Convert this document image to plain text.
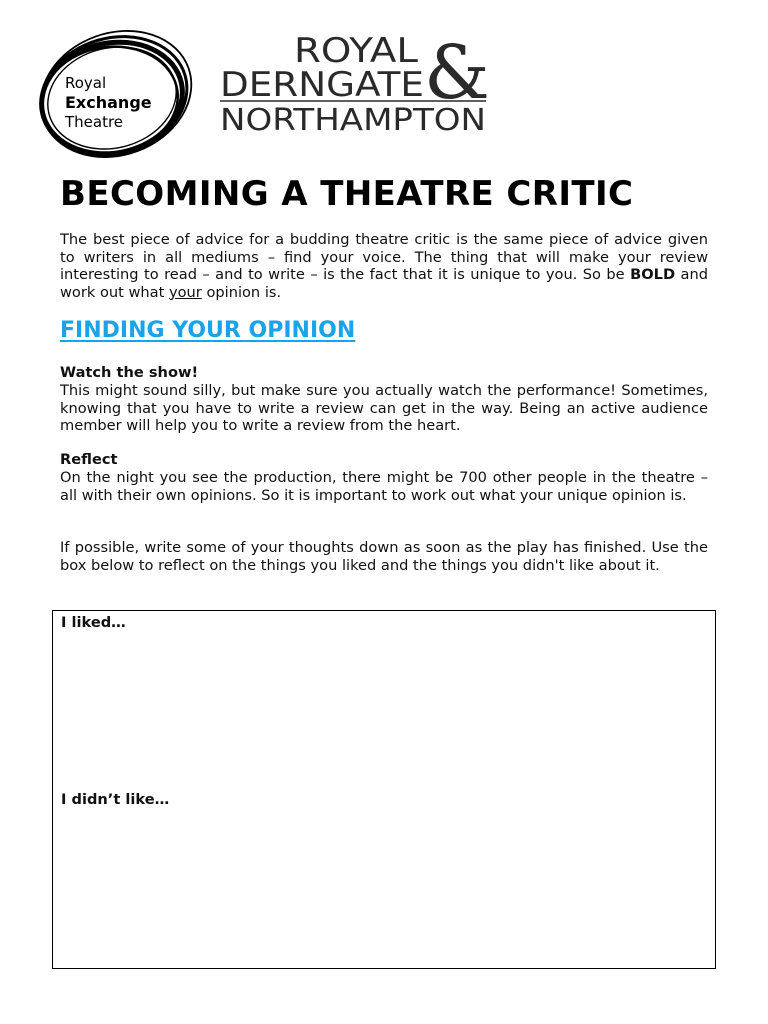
Royal
Exchange
Theatre
ROYAL
DERNGATE
NORTHAMPTON
&
BECOMING A THEATRE CRITIC

The best piece of advice for a budding theatre critic is the same piece of advice given to writers in all mediums – find your voice. The thing that will make your review interesting to read – and to write – is the fact that it is unique to you. So be BOLD and work out what your opinion is.

FINDING YOUR OPINION
Watch the show!

This might sound silly, but make sure you actually watch the performance! Sometimes, knowing that you have to write a review can get in the way. Being an active audience member will help you to write a review from the heart.

Reflect

On the night you see the production, there might be 700 other people in the theatre – all with their own opinions. So it is important to work out what your unique opinion is.

If possible, write some of your thoughts down as soon as the play has finished. Use the box below to reflect on the things you liked and the things you didn't like about it.

I liked…
I didn’t like…
